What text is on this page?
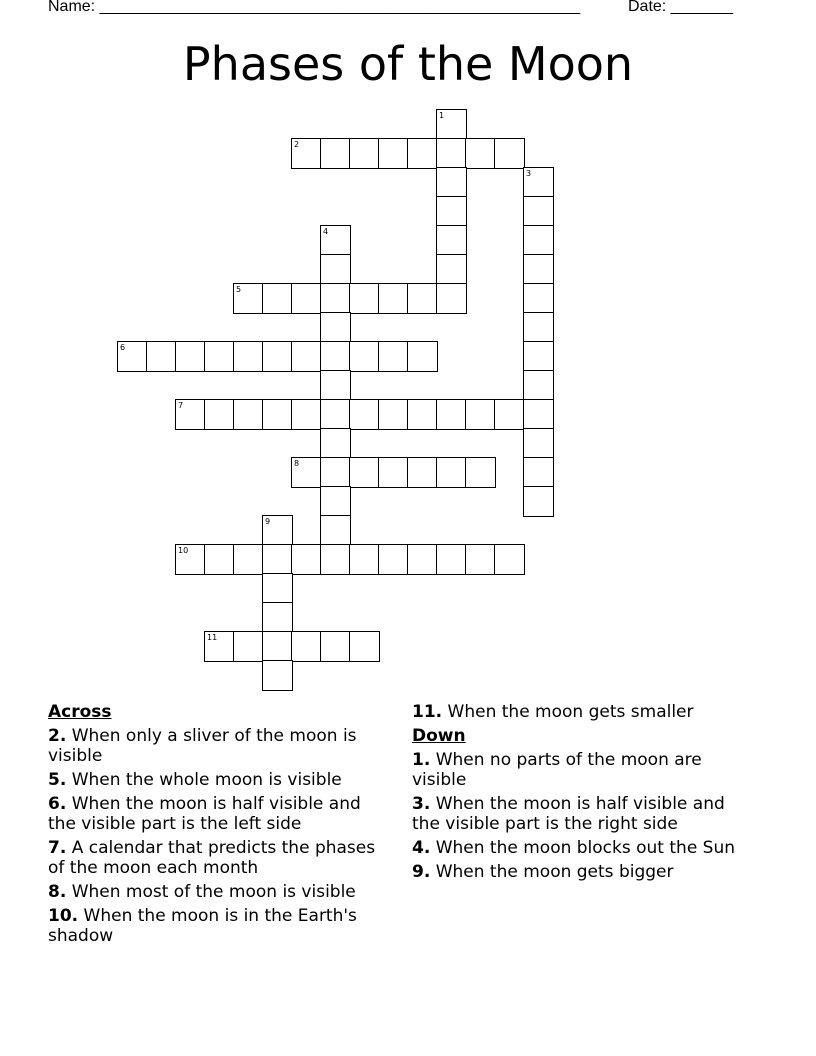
Name: ______________________________________________________	Date: _______
Phases of the Moon
1
2
3
4
5
6
7
8
9
10
11
Across
2. When only a sliver of the moon is visible
5. When the whole moon is visible
6. When the moon is half visible and the visible part is the left side
7. A calendar that predicts the phases of the moon each month
8. When most of the moon is visible
10. When the moon is in the Earth's shadow
11. When the moon gets smaller
Down
1. When no parts of the moon are visible
3. When the moon is half visible and the visible part is the right side
4. When the moon blocks out the Sun
9. When the moon gets bigger
